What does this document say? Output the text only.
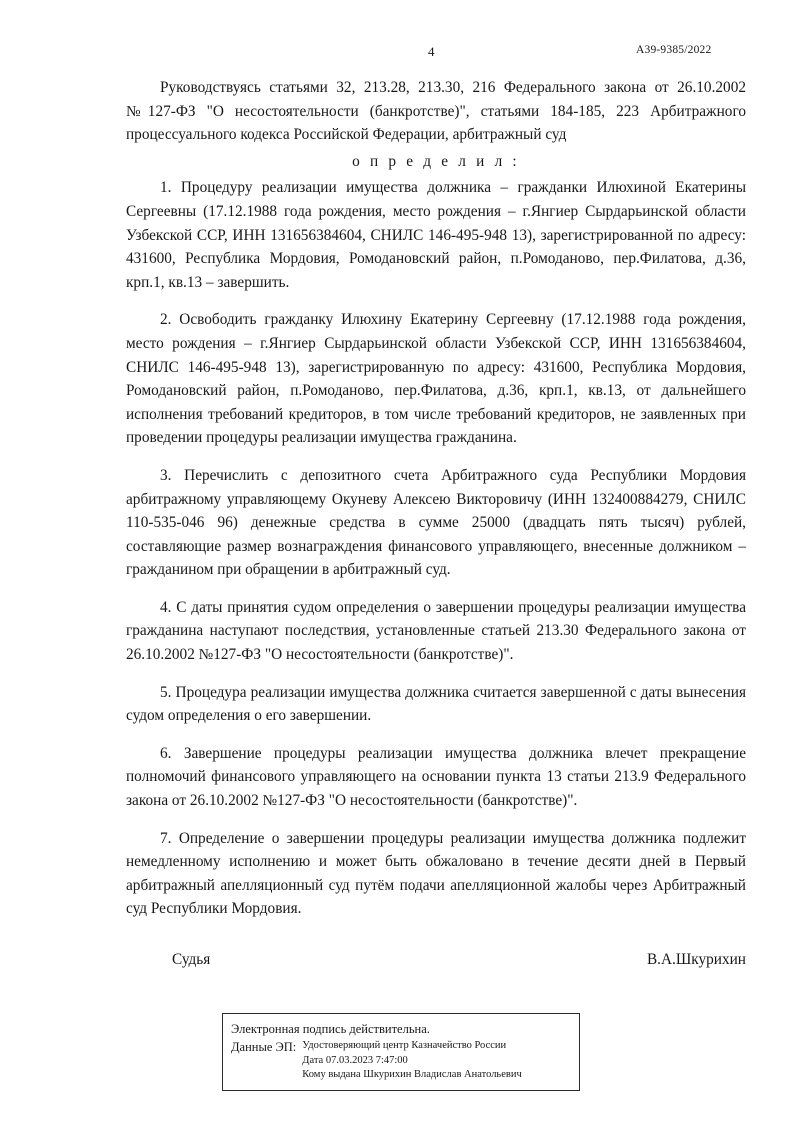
4	А39-9385/2022

Руководствуясь статьями 32, 213.28, 213.30, 216 Федерального закона от 26.10.2002 №127-ФЗ "О несостоятельности (банкротстве)", статьями 184-185, 223 Арбитражного процессуального кодекса Российской Федерации, арбитражный суд

о п р е д е л и л :

1. Процедуру реализации имущества должника – гражданки Илюхиной Екатерины Сергеевны (17.12.1988 года рождения, место рождения – г.Янгиер Сырдарьинской области Узбекской ССР, ИНН 131656384604, СНИЛС 146-495-948 13), зарегистрированной по адресу: 431600, Республика Мордовия, Ромодановский район, п.Ромоданово, пер.Филатова, д.36, крп.1, кв.13 – завершить.

2. Освободить гражданку Илюхину Екатерину Сергеевну (17.12.1988 года рождения, место рождения – г.Янгиер Сырдарьинской области Узбекской ССР, ИНН 131656384604, СНИЛС 146-495-948 13), зарегистрированную по адресу: 431600, Республика Мордовия, Ромодановский район, п.Ромоданово, пер.Филатова, д.36, крп.1, кв.13, от дальнейшего исполнения требований кредиторов, в том числе требований кредиторов, не заявленных при проведении процедуры реализации имущества гражданина.

3. Перечислить с депозитного счета Арбитражного суда Республики Мордовия арбитражному управляющему Окуневу Алексею Викторовичу (ИНН 132400884279, СНИЛС 110-535-046 96) денежные средства в сумме 25000 (двадцать пять тысяч) рублей, составляющие размер вознаграждения финансового управляющего, внесенные должником – гражданином при обращении в арбитражный суд.

4. С даты принятия судом определения о завершении процедуры реализации имущества гражданина наступают последствия, установленные статьей 213.30 Федерального закона от 26.10.2002 №127-ФЗ "О несостоятельности (банкротстве)".

5. Процедура реализации имущества должника считается завершенной с даты вынесения судом определения о его завершении.

6. Завершение процедуры реализации имущества должника влечет прекращение полномочий финансового управляющего на основании пункта 13 статьи 213.9 Федерального закона от 26.10.2002 №127-ФЗ "О несостоятельности (банкротстве)".

7. Определение о завершении процедуры реализации имущества должника подлежит немедленному исполнению и может быть обжаловано в течение десяти дней в Первый арбитражный апелляционный суд путём подачи апелляционной жалобы через Арбитражный суд Республики Мордовия.

Судья	В.А.Шкурихин
Электронная подпись действительна.
Данные ЭП: Удостоверяющий центр Казначейство России
Дата 07.03.2023 7:47:00
Кому выдана Шкурихин Владислав Анатольевич
